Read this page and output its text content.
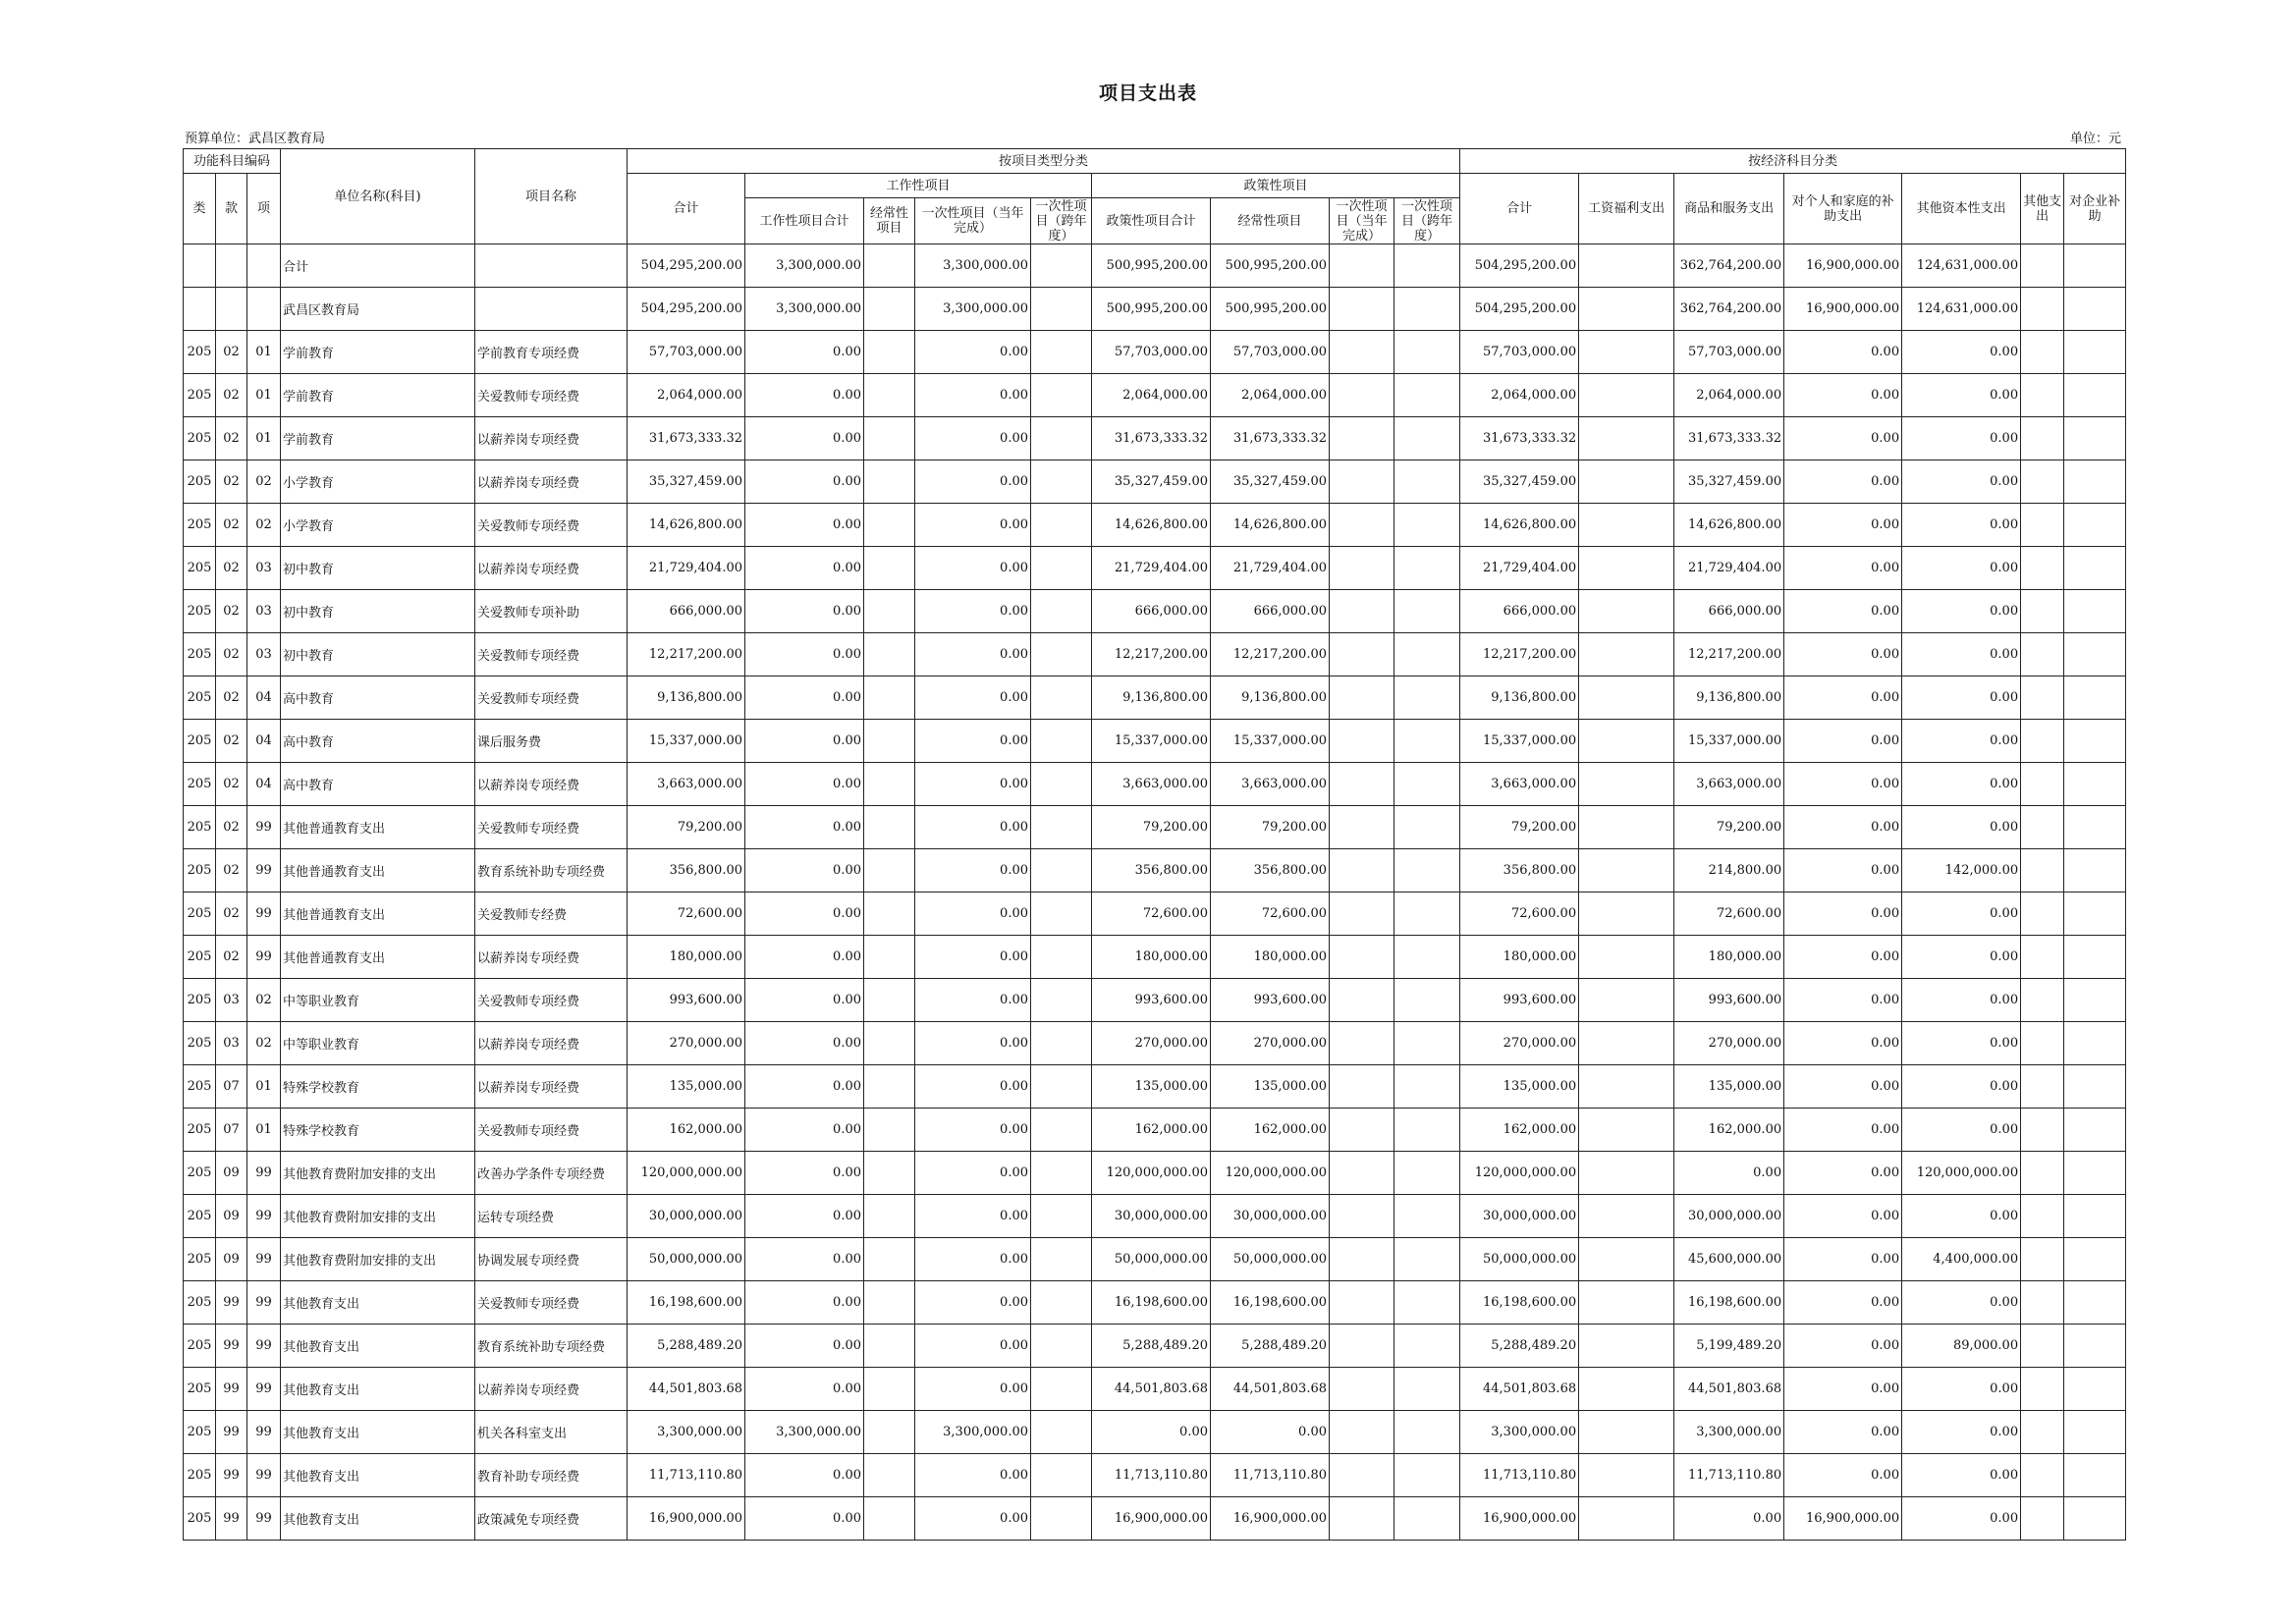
项目支出表
预算单位：武昌区教育局	单位：元
功能科目编码			单位名称(科目)	项目名称	按项目类型分类									按经济科目分类						
类	款	项			合计	工作性项目				政策性项目				合计	工资福利支出	商品和服务支出	对个人和家庭的补助支出	其他资本性支出	其他支出	对企业补助
						工作性项目合计	经常性项目	一次性项目（当年完成）	一次性项目（跨年度）	政策性项目合计	经常性项目	一次性项目（当年完成）	一次性项目（跨年度）							
			合计		504,295,200.00	3,300,000.00		3,300,000.00		500,995,200.00	500,995,200.00			504,295,200.00		362,764,200.00	16,900,000.00	124,631,000.00		
			武昌区教育局		504,295,200.00	3,300,000.00		3,300,000.00		500,995,200.00	500,995,200.00			504,295,200.00		362,764,200.00	16,900,000.00	124,631,000.00		
205	02	01	学前教育	学前教育专项经费	57,703,000.00	0.00		0.00		57,703,000.00	57,703,000.00			57,703,000.00		57,703,000.00	0.00	0.00		
205	02	01	学前教育	关爱教师专项经费	2,064,000.00	0.00		0.00		2,064,000.00	2,064,000.00			2,064,000.00		2,064,000.00	0.00	0.00		
205	02	01	学前教育	以薪养岗专项经费	31,673,333.32	0.00		0.00		31,673,333.32	31,673,333.32			31,673,333.32		31,673,333.32	0.00	0.00		
205	02	02	小学教育	以薪养岗专项经费	35,327,459.00	0.00		0.00		35,327,459.00	35,327,459.00			35,327,459.00		35,327,459.00	0.00	0.00		
205	02	02	小学教育	关爱教师专项经费	14,626,800.00	0.00		0.00		14,626,800.00	14,626,800.00			14,626,800.00		14,626,800.00	0.00	0.00		
205	02	03	初中教育	以薪养岗专项经费	21,729,404.00	0.00		0.00		21,729,404.00	21,729,404.00			21,729,404.00		21,729,404.00	0.00	0.00		
205	02	03	初中教育	关爱教师专项补助	666,000.00	0.00		0.00		666,000.00	666,000.00			666,000.00		666,000.00	0.00	0.00		
205	02	03	初中教育	关爱教师专项经费	12,217,200.00	0.00		0.00		12,217,200.00	12,217,200.00			12,217,200.00		12,217,200.00	0.00	0.00		
205	02	04	高中教育	关爱教师专项经费	9,136,800.00	0.00		0.00		9,136,800.00	9,136,800.00			9,136,800.00		9,136,800.00	0.00	0.00		
205	02	04	高中教育	课后服务费	15,337,000.00	0.00		0.00		15,337,000.00	15,337,000.00			15,337,000.00		15,337,000.00	0.00	0.00		
205	02	04	高中教育	以薪养岗专项经费	3,663,000.00	0.00		0.00		3,663,000.00	3,663,000.00			3,663,000.00		3,663,000.00	0.00	0.00		
205	02	99	其他普通教育支出	关爱教师专项经费	79,200.00	0.00		0.00		79,200.00	79,200.00			79,200.00		79,200.00	0.00	0.00		
205	02	99	其他普通教育支出	教育系统补助专项经费	356,800.00	0.00		0.00		356,800.00	356,800.00			356,800.00		214,800.00	0.00	142,000.00		
205	02	99	其他普通教育支出	关爱教师专经费	72,600.00	0.00		0.00		72,600.00	72,600.00			72,600.00		72,600.00	0.00	0.00		
205	02	99	其他普通教育支出	以薪养岗专项经费	180,000.00	0.00		0.00		180,000.00	180,000.00			180,000.00		180,000.00	0.00	0.00		
205	03	02	中等职业教育	关爱教师专项经费	993,600.00	0.00		0.00		993,600.00	993,600.00			993,600.00		993,600.00	0.00	0.00		
205	03	02	中等职业教育	以薪养岗专项经费	270,000.00	0.00		0.00		270,000.00	270,000.00			270,000.00		270,000.00	0.00	0.00		
205	07	01	特殊学校教育	以薪养岗专项经费	135,000.00	0.00		0.00		135,000.00	135,000.00			135,000.00		135,000.00	0.00	0.00		
205	07	01	特殊学校教育	关爱教师专项经费	162,000.00	0.00		0.00		162,000.00	162,000.00			162,000.00		162,000.00	0.00	0.00		
205	09	99	其他教育费附加安排的支出	改善办学条件专项经费	120,000,000.00	0.00		0.00		120,000,000.00	120,000,000.00			120,000,000.00		0.00	0.00	120,000,000.00		
205	09	99	其他教育费附加安排的支出	运转专项经费	30,000,000.00	0.00		0.00		30,000,000.00	30,000,000.00			30,000,000.00		30,000,000.00	0.00	0.00		
205	09	99	其他教育费附加安排的支出	协调发展专项经费	50,000,000.00	0.00		0.00		50,000,000.00	50,000,000.00			50,000,000.00		45,600,000.00	0.00	4,400,000.00		
205	99	99	其他教育支出	关爱教师专项经费	16,198,600.00	0.00		0.00		16,198,600.00	16,198,600.00			16,198,600.00		16,198,600.00	0.00	0.00		
205	99	99	其他教育支出	教育系统补助专项经费	5,288,489.20	0.00		0.00		5,288,489.20	5,288,489.20			5,288,489.20		5,199,489.20	0.00	89,000.00		
205	99	99	其他教育支出	以薪养岗专项经费	44,501,803.68	0.00		0.00		44,501,803.68	44,501,803.68			44,501,803.68		44,501,803.68	0.00	0.00		
205	99	99	其他教育支出	机关各科室支出	3,300,000.00	3,300,000.00		3,300,000.00		0.00	0.00			3,300,000.00		3,300,000.00	0.00	0.00		
205	99	99	其他教育支出	教育补助专项经费	11,713,110.80	0.00		0.00		11,713,110.80	11,713,110.80			11,713,110.80		11,713,110.80	0.00	0.00		
205	99	99	其他教育支出	政策减免专项经费	16,900,000.00	0.00		0.00		16,900,000.00	16,900,000.00			16,900,000.00		0.00	16,900,000.00	0.00		
